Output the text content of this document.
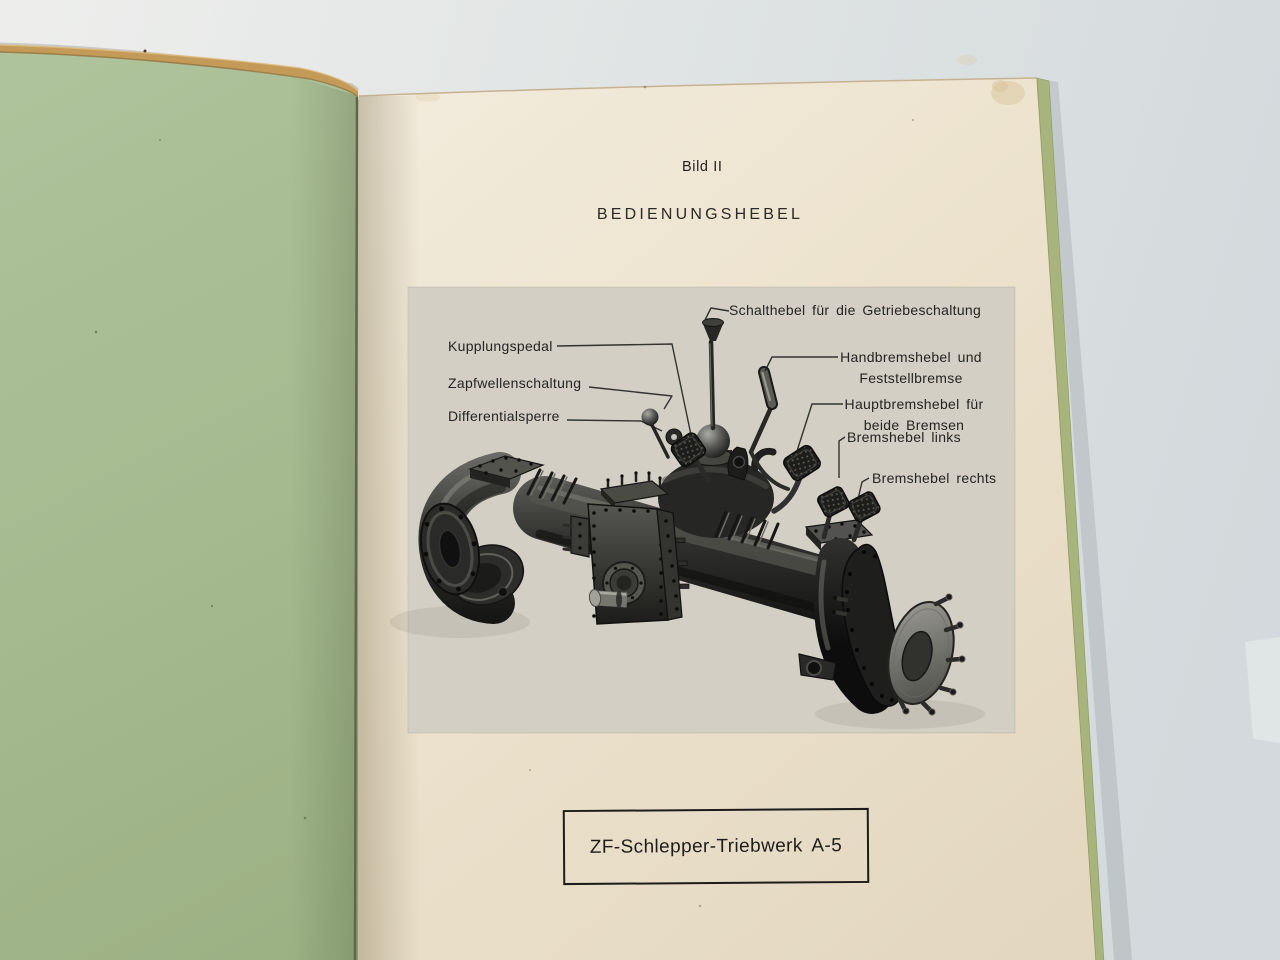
Bild II
BEDIENUNGSHEBEL
Schalthebel für die Getriebeschaltung
Kupplungspedal
Handbremshebel und
Feststellbremse
Zapfwellenschaltung
Hauptbremshebel für
beide Bremsen
Differentialsperre
Bremshebel links
Bremshebel rechts
ZF-Schlepper-Triebwerk A-5
